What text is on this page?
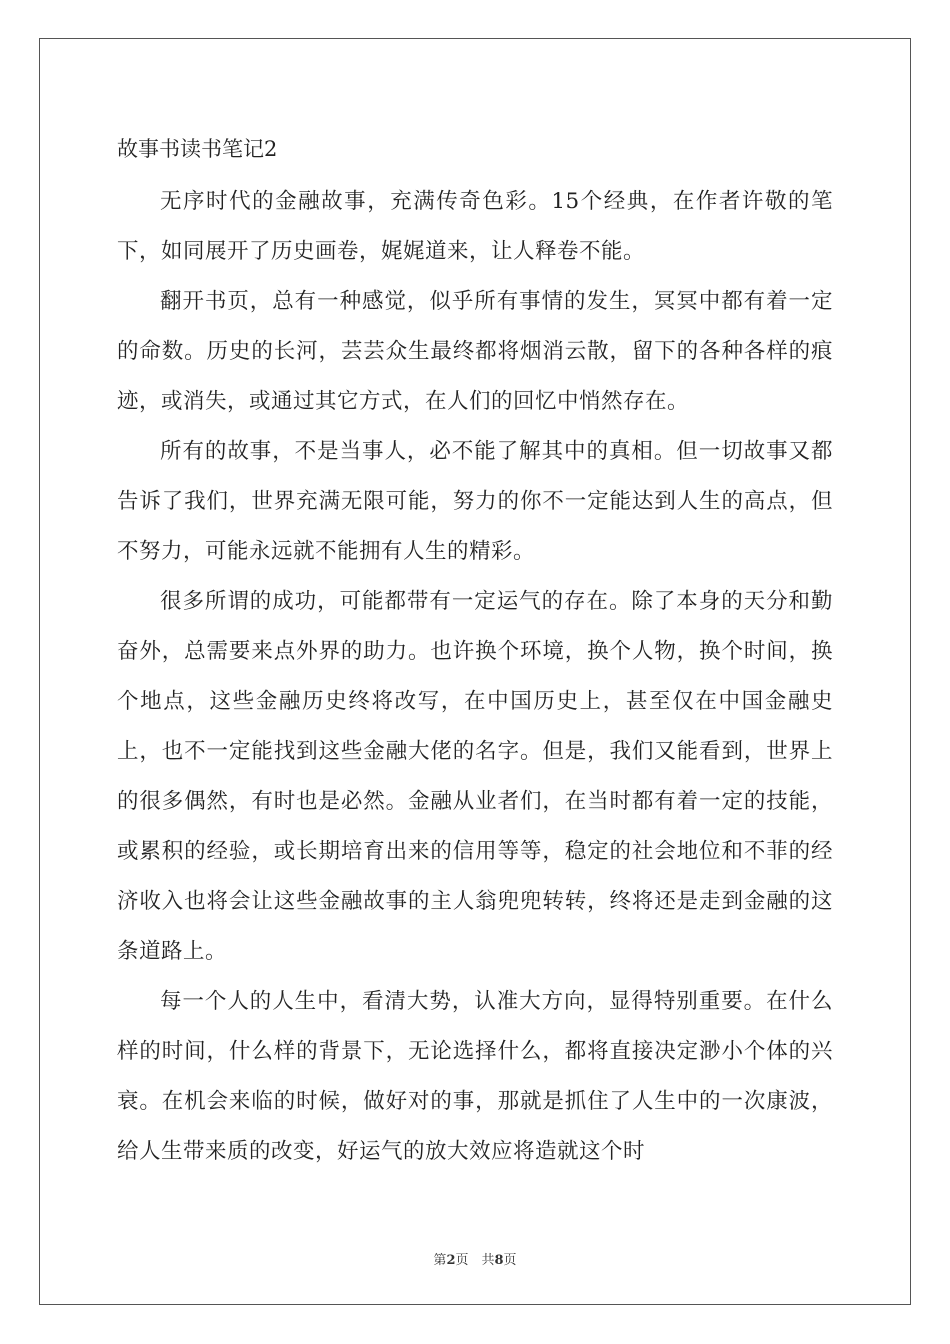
故事书读书笔记2

无序时代的金融故事，充满传奇色彩。15个经典，在作者许敬的笔下，如同展开了历史画卷，娓娓道来，让人释卷不能。

翻开书页，总有一种感觉，似乎所有事情的发生，冥冥中都有着一定的命数。历史的长河，芸芸众生最终都将烟消云散，留下的各种各样的痕迹，或消失，或通过其它方式，在人们的回忆中悄然存在。

所有的故事，不是当事人，必不能了解其中的真相。但一切故事又都告诉了我们，世界充满无限可能，努力的你不一定能达到人生的高点，但不努力，可能永远就不能拥有人生的精彩。

很多所谓的成功，可能都带有一定运气的存在。除了本身的天分和勤奋外，总需要来点外界的助力。也许换个环境，换个人物，换个时间，换个地点，这些金融历史终将改写，在中国历史上，甚至仅在中国金融史上，也不一定能找到这些金融大佬的名字。但是，我们又能看到，世界上的很多偶然，有时也是必然。金融从业者们，在当时都有着一定的技能，或累积的经验，或长期培育出来的信用等等，稳定的社会地位和不菲的经济收入也将会让这些金融故事的主人翁兜兜转转，终将还是走到金融的这条道路上。

每一个人的人生中，看清大势，认准大方向，显得特别重要。在什么样的时间，什么样的背景下，无论选择什么，都将直接决定渺小个体的兴衰。在机会来临的时候，做好对的事，那就是抓住了人生中的一次康波，给人生带来质的改变，好运气的放大效应将造就这个时

第2页　共8页
